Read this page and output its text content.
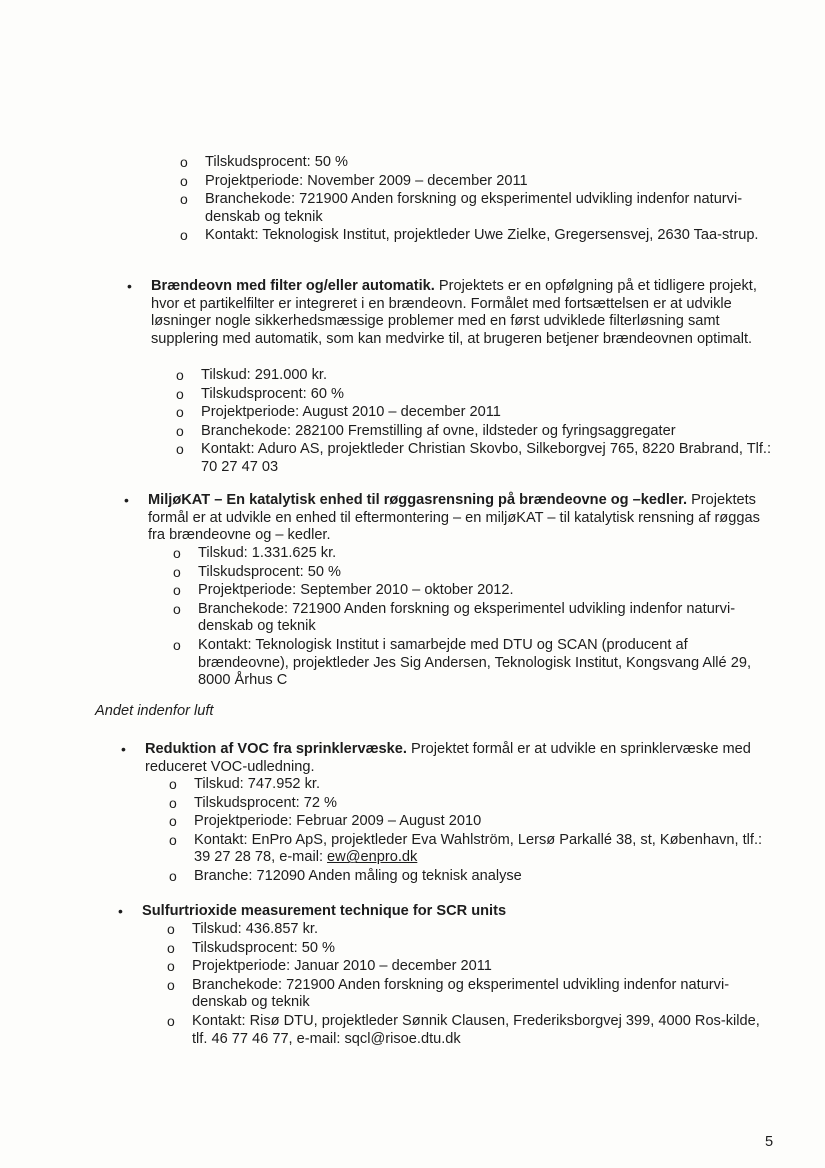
o Tilskudsprocent: 50 %
o Projektperiode: November 2009 – december 2011
o Branchekode: 721900 Anden forskning og eksperimentel udvikling indenfor naturvi-denskab og teknik
o Kontakt: Teknologisk Institut, projektleder Uwe Zielke, Gregersensvej, 2630 Taa-strup.
• Brændeovn med filter og/eller automatik. Projektets er en opfølgning på et tidligere projekt, hvor et partikelfilter er integreret i en brændeovn. Formålet med fortsættelsen er at udvikle løsninger nogle sikkerhedsmæssige problemer med en først udviklede filterløsning samt supplering med automatik, som kan medvirke til, at brugeren betjener brændeovnen optimalt.
o Tilskud: 291.000 kr.
o Tilskudsprocent: 60 %
o Projektperiode: August 2010 – december 2011
o Branchekode: 282100 Fremstilling af ovne, ildsteder og fyringsaggregater
o Kontakt: Aduro AS, projektleder Christian Skovbo, Silkeborgvej 765, 8220 Brabrand, Tlf.: 70 27 47 03
• MiljøKAT – En katalytisk enhed til røggasrensning på brændeovne og –kedler. Projektets formål er at udvikle en enhed til eftermontering – en miljøKAT – til katalytisk rensning af røggas fra brændeovne og – kedler.
o Tilskud: 1.331.625 kr.
o Tilskudsprocent: 50 %
o Projektperiode: September 2010 – oktober 2012.
o Branchekode: 721900 Anden forskning og eksperimentel udvikling indenfor naturvi-denskab og teknik
o Kontakt: Teknologisk Institut i samarbejde med DTU og SCAN (producent af brændeovne), projektleder Jes Sig Andersen, Teknologisk Institut, Kongsvang Allé 29, 8000 Århus C
Andet indenfor luft
• Reduktion af VOC fra sprinklervæske. Projektet formål er at udvikle en sprinklervæske med reduceret VOC-udledning.
o Tilskud: 747.952 kr.
o Tilskudsprocent: 72 %
o Projektperiode: Februar 2009 – August 2010
o Kontakt: EnPro ApS, projektleder Eva Wahlström, Lersø Parkallé 38, st, København, tlf.: 39 27 28 78, e-mail: ew@enpro.dk
o Branche: 712090 Anden måling og teknisk analyse
• Sulfurtrioxide measurement technique for SCR units
o Tilskud: 436.857 kr.
o Tilskudsprocent: 50 %
o Projektperiode: Januar 2010 – december 2011
o Branchekode: 721900 Anden forskning og eksperimentel udvikling indenfor naturvi-denskab og teknik
o Kontakt: Risø DTU, projektleder Sønnik Clausen, Frederiksborgvej 399, 4000 Ros-kilde, tlf. 46 77 46 77, e-mail: sqcl@risoe.dtu.dk
5
